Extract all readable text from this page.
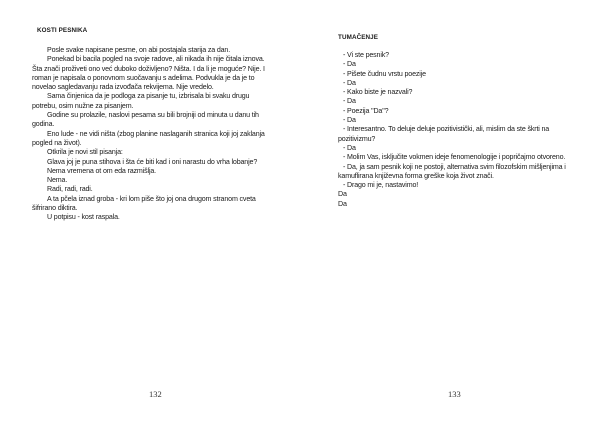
KOSTI PESNIKA

Posle svake napisane pesme, on abi postajala starija za dan.

Ponekad bi bacila pogled na svoje radove, ali nikada ih nije čitala iznova. Šta znači proživeti ono već duboko doživljeno? Ništa. I da li je moguće? Nije. I roman je napisala o ponovnom suočavanju s adelima. Podvukla je da je to novelao sagledavanju rada izvođača rekvijema. Nije vredelo.

Sama činjenica da je podloga za pisanje tu, izbrisala bi svaku drugu potrebu, osim nužne za pisanjem.

Godine su prolazile, naslovi pesama su bili brojniji od minuta u danu tih godina.

Eno lude - ne vidi ništa (zbog planine naslaganih stranica koji joj zaklanja pogled na život).

Otkrila je novi stil pisanja:

Glava joj je puna stihova i šta će biti kad i oni narastu do vrha lobanje?

Nema vremena ot om eda razmišlja.

Nema.

Radi, radi, radi.

A ta pčela iznad groba - kri lom piše što joj ona drugom stranom cveta šifrirano diktira.

U potpisu - kost raspala.

132
TUMAČENJE

- Vi ste pesnik?

- Da

- Pišete čudnu vrstu poezije

- Da

- Kako biste je nazvali?

- Da

- Poezija "Da"?

- Da

- Interesantno. To deluje deluje pozitivistički, ali, mislim da ste škrti na pozitivizmu?

- Da

- Molim Vas, isključite vokmen ideje fenomenologije i popričajmo otvoreno.

- Da, ja sam pesnik koji ne postoji, alternativa svim filozofskim mišljenjima i kamuflirana književna forma greške koja život znači.

- Drago mi je, nastavimo!

Da

Da

133
